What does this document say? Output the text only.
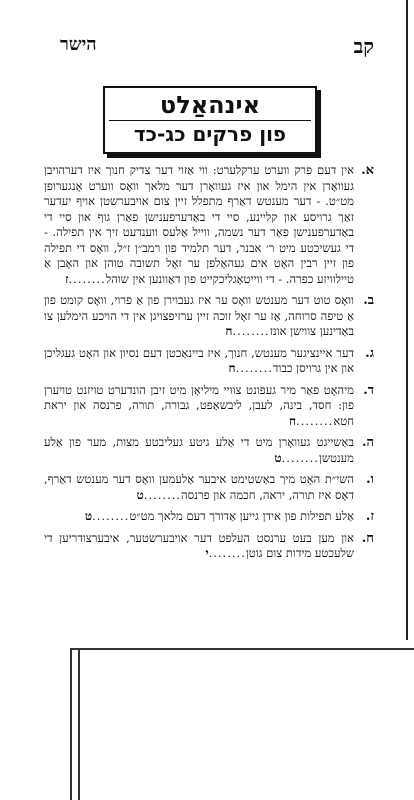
קב
הישר
אינהאַלט
פון פרקים כג-כד
א.
אין דעם פרק ווערט ערקלערט: ווי אַזוי דער צדיק חנוך איז דערהויבן געוואָרן אין הימל און איז געוואָרן דער מלאך וואָס ווערט אָנגערופן מט״ט. - דער מענטש דאַרף מתפלל זיין צום אויבערשטן אויף יעדער זאַך גרויסע און קליינע, סיי די באַדערפענישן פאַרן גוף און סיי די באַדערפענישן פאַר דער נשמה, ווייל אַלעס ווענדעט זיך אין תפילה. - די געשיכטע מיט ר׳ אבנר, דער תלמיד פון רמב״ן ז״ל, וואָס די תפילה פון זיין רבין האָט אים געהאָלפן ער זאָל תשובה טוהן און האָבן אַ טיילוויזע כפרה. - די ווייטאָגליכקייט פון דאַוונען אין שוהל........ז
ב.
וואָס טוט דער מענטש וואָס ער איז געבוירן פון אַ פרוי, וואָס קומט פון אַ טיפה סרוחה, אַז ער זאָל זוכה זיין ערזיפצויגן אין די הויכע הימלען צו באַדינען צווישן אונז........ח
ג.
דער איינציגער מענטש, חנוך, איז ביינאַכטן דעם נסיון און האָט געגליכן און אין גרויסן כבוד........ח
ד.
מיהאָט פאַר מיר געפונט צוויי מיליאָן מיט זיבן הונדערט טויזנט טויערן פון: חסד, בינה, לעבן, ליבשאַפט, גבורה, תורה, פרנסה און יראת חטא........ח
ה.
באַשייגט געוואָרן מיט די אַלע גיטע געליבטע מצות, מער פון אַלע מענטשן........ט
ו.
השי״ת האָט מיך באַשטימט איבער אַלעמען וואָס דער מענטש דאַרף, דאָס איז תורה, יראה, חכמה און פרנסה........ט
ז.
אַלע תפילות פון אידן גייען אַדורך דעם מלאך מט״ט........ט
ח.
און מען בעט ערנסט העלפט דער אויבערשטער, איבערצודריען די שלעכטע מידות צום גוטן........י
